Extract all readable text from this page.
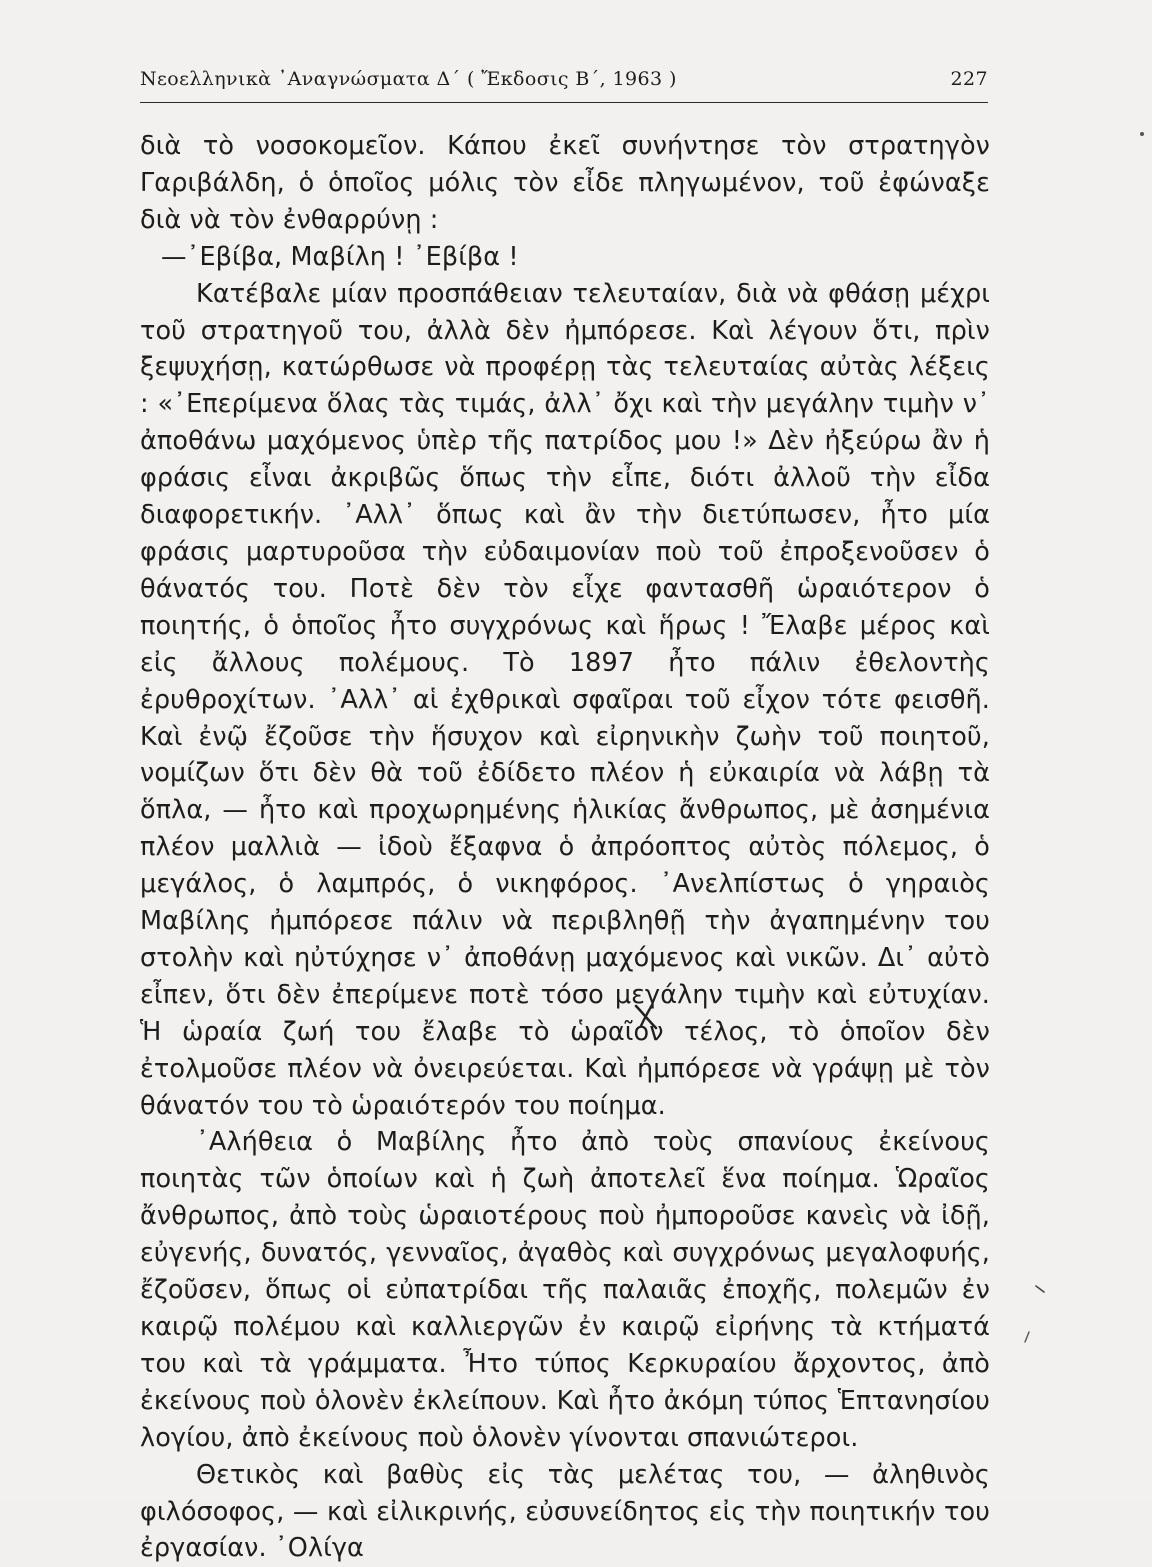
Νεοελληνικὰ ᾿Αναγνώσματα Δ΄ ( Ἔκδοσις Β΄, 1963 )	227

διὰ τὸ νοσοκομεῖον. Κάπου ἐκεῖ συνήντησε τὸν στρατηγὸν Γαριβάλδη, ὁ ὁποῖος μόλις τὸν εἶδε πληγωμένον, τοῦ ἐφώναξε διὰ νὰ τὸν ἐνθαρρύνῃ :

—᾿Εβίβα, Μαβίλη ! ᾿Εβίβα !

Κατέβαλε μίαν προσπάθειαν τελευταίαν, διὰ νὰ φθάσῃ μέχρι τοῦ στρατηγοῦ του, ἀλλὰ δὲν ἠμπόρεσε. Καὶ λέγουν ὅτι, πρὶν ξεψυχήσῃ, κατώρθωσε νὰ προφέρῃ τὰς τελευταίας αὐτὰς λέξεις : «᾿Επερίμενα ὅλας τὰς τιμάς, ἀλλ᾿ ὄχι καὶ τὴν μεγάλην τιμὴν ν᾿ ἀποθάνω μαχόμενος ὑπὲρ τῆς πατρίδος μου !» Δὲν ἠξεύρω ἂν ἡ φράσις εἶναι ἀκριβῶς ὅπως τὴν εἶπε, διότι ἀλλοῦ τὴν εἶδα διαφορετικήν. ᾿Αλλ᾿ ὅπως καὶ ἂν τὴν διετύπωσεν, ἦτο μία φράσις μαρτυροῦσα τὴν εὐδαιμονίαν ποὺ τοῦ ἐπροξενοῦσεν ὁ θάνατός του. Ποτὲ δὲν τὸν εἶχε φαντασθῆ ὡραιότερον ὁ ποιητής, ὁ ὁποῖος ἦτο συγχρόνως καὶ ἥρως ! Ἔλαβε μέρος καὶ εἰς ἄλλους πολέμους. Τὸ 1897 ἦτο πάλιν ἐθελοντὴς ἐρυθροχίτων. ᾿Αλλ᾿ αἱ ἐχθρικαὶ σφαῖραι τοῦ εἶχον τότε φεισθῆ. Καὶ ἐνῷ ἔζοῦσε τὴν ἥσυχον καὶ εἰρηνικὴν ζωὴν τοῦ ποιητοῦ, νομίζων ὅτι δὲν θὰ τοῦ ἐδίδετο πλέον ἡ εὐκαιρία νὰ λάβῃ τὰ ὅπλα, — ἦτο καὶ προχωρημένης ἡλικίας ἄνθρωπος, μὲ ἀσημένια πλέον μαλλιὰ — ἰδοὺ ἔξαφνα ὁ ἀπρόοπτος αὐτὸς πόλεμος, ὁ μεγάλος, ὁ λαμπρός, ὁ νικηφόρος. ᾿Ανελπίστως ὁ γηραιὸς Μαβίλης ἠμπόρεσε πάλιν νὰ περιβληθῇ τὴν ἀγαπημένην του στολὴν καὶ ηὐτύχησε ν᾿ ἀποθάνῃ μαχόμενος καὶ νικῶν. Δι᾿ αὐτὸ εἶπεν, ὅτι δὲν ἐπερίμενε ποτὲ τόσο μεγάλην τιμὴν καὶ εὐτυχίαν. Ἡ ὡραία ζωή του ἔλαβε τὸ ὡραῖον τέλος, τὸ ὁποῖον δὲν ἐτολμοῦσε πλέον νὰ ὀνειρεύεται. Καὶ ἠμπόρεσε νὰ γράψῃ μὲ τὸν θάνατόν του τὸ ὡραιότερόν του ποίημα.

᾿Αλήθεια ὁ Μαβίλης ἦτο ἀπὸ τοὺς σπανίους ἐκείνους ποιητὰς τῶν ὁποίων καὶ ἡ ζωὴ ἀποτελεῖ ἕνα ποίημα. Ὡραῖος ἄνθρωπος, ἀπὸ τοὺς ὡραιοτέρους ποὺ ἠμποροῦσε κανεὶς νὰ ἰδῇ, εὐγενής, δυνατός, γενναῖος, ἀγαθὸς καὶ συγχρόνως μεγαλοφυής, ἔζοῦσεν, ὅπως οἱ εὐπατρίδαι τῆς παλαιᾶς ἐποχῆς, πολεμῶν ἐν καιρῷ πολέμου καὶ καλλιεργῶν ἐν καιρῷ εἰρήνης τὰ κτήματά του καὶ τὰ γράμματα. Ἦτο τύπος Κερκυραίου ἄρχοντος, ἀπὸ ἐκείνους ποὺ ὁλονὲν ἐκλείπουν. Καὶ ἦτο ἀκόμη τύπος Ἑπτανησίου λογίου, ἀπὸ ἐκείνους ποὺ ὁλονὲν γίνονται σπανιώτεροι.

Θετικὸς καὶ βαθὺς εἰς τὰς μελέτας του, — ἀληθινὸς φιλόσοφος, — καὶ εἰλικρινής, εὐσυνείδητος εἰς τὴν ποιητικήν του ἐργασίαν. ᾿Ολίγα
